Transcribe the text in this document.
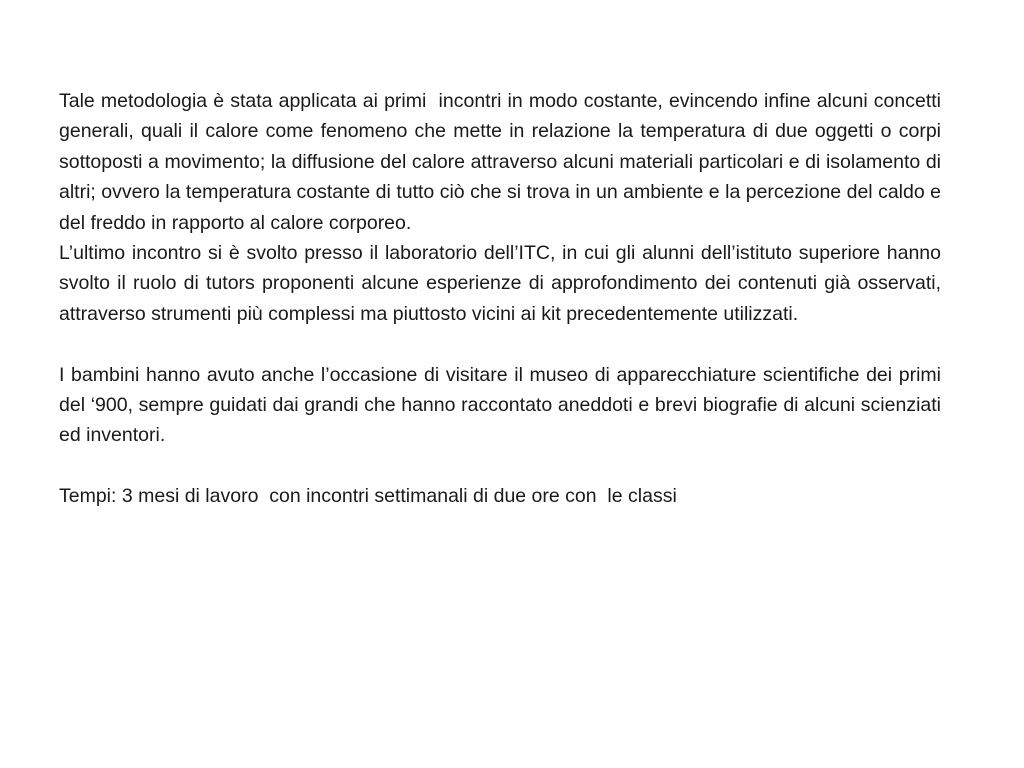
Tale metodologia è stata applicata ai primi  incontri in modo costante, evincendo infine alcuni concetti generali, quali il calore come fenomeno che mette in relazione la temperatura di due oggetti o corpi  sottoposti a movimento; la diffusione del calore attraverso alcuni materiali particolari e di isolamento di altri; ovvero la temperatura costante di tutto ciò che si trova in un ambiente e la percezione del caldo e del freddo in rapporto al calore corporeo.

L’ultimo incontro si è svolto presso il laboratorio dell’ITC, in cui gli alunni dell’istituto superiore hanno svolto il ruolo di tutors proponenti alcune esperienze di approfondimento dei contenuti già osservati, attraverso strumenti più complessi ma piuttosto vicini ai kit precedentemente utilizzati.

I bambini hanno avuto anche l’occasione di visitare il museo di apparecchiature scientifiche dei primi del ‘900, sempre guidati dai grandi che hanno raccontato aneddoti e brevi biografie di alcuni scienziati ed inventori.

Tempi: 3 mesi di lavoro  con incontri settimanali di due ore con  le classi
